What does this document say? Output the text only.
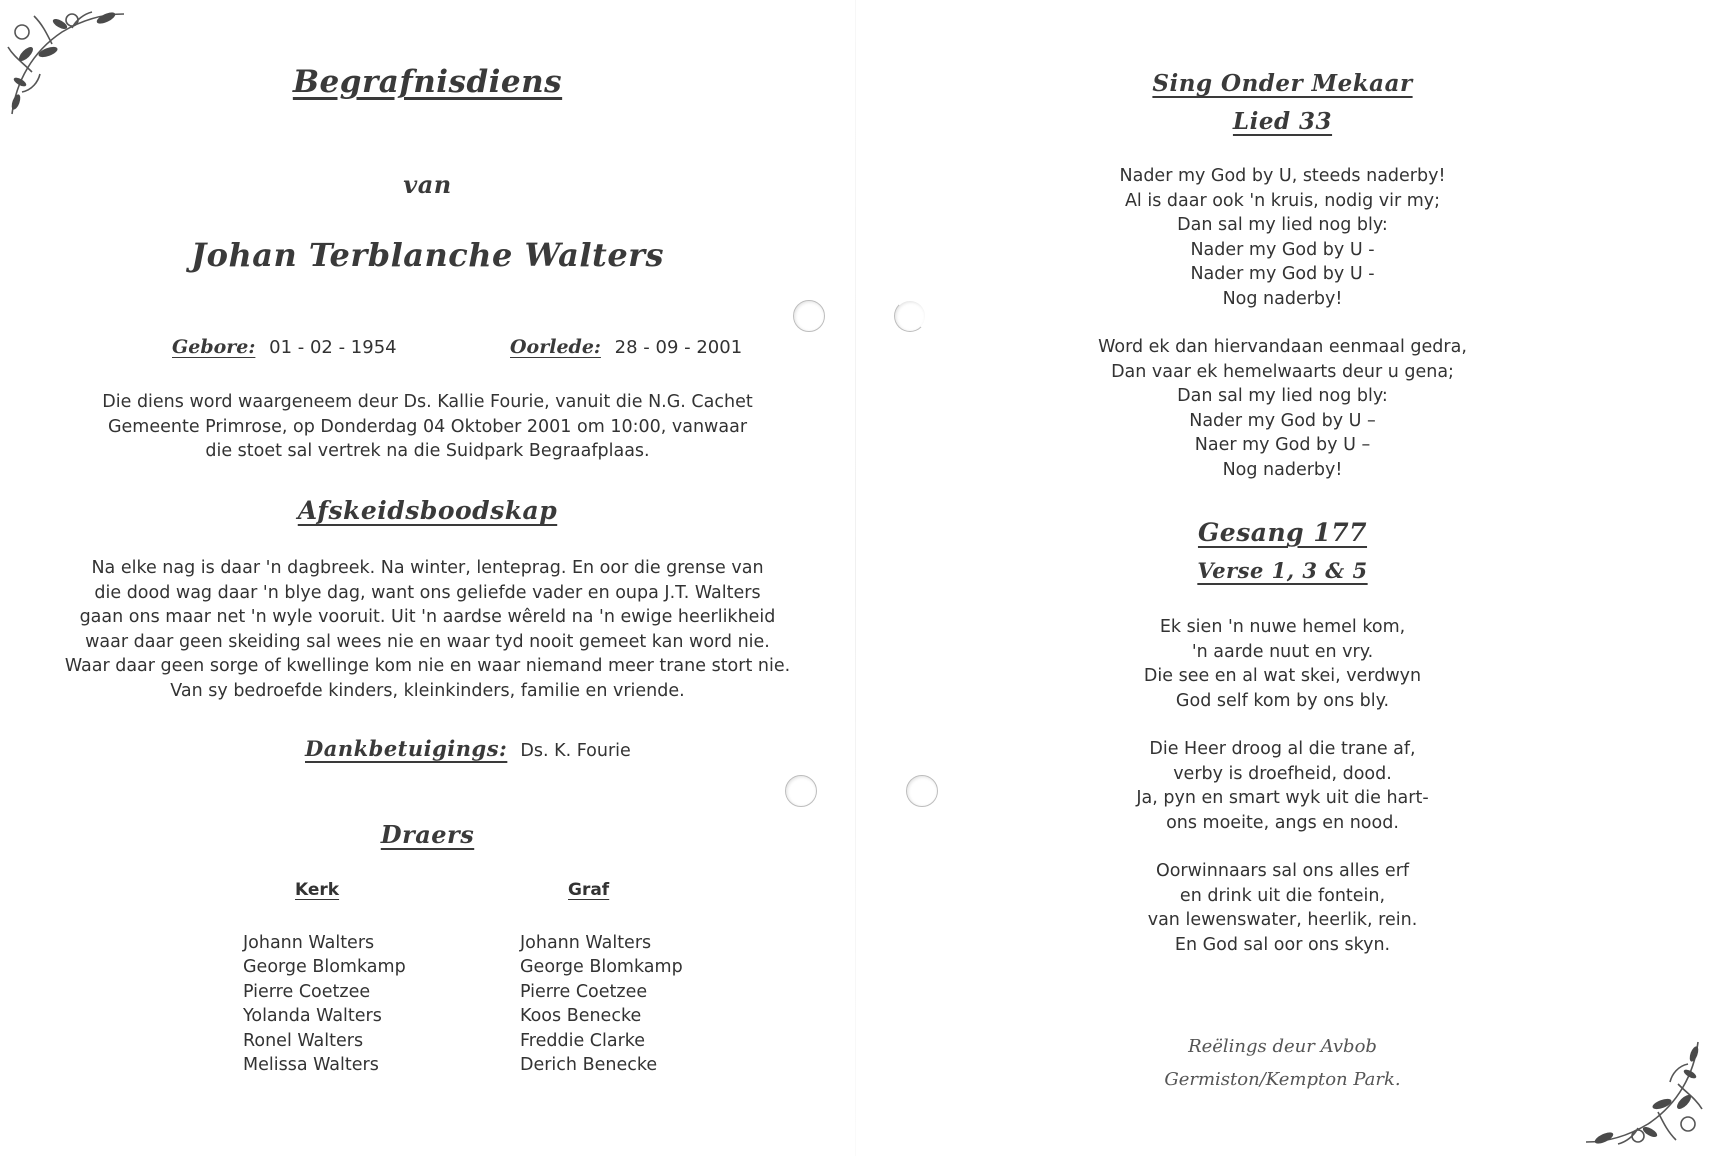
Begrafnisdiens
van
Johan Terblanche Walters
Gebore: 01 - 02 - 1954	Oorlede: 28 - 09 - 2001
Die diens word waargeneem deur Ds. Kallie Fourie, vanuit die N.G. Cachet
Gemeente Primrose, op Donderdag 04 Oktober 2001 om 10:00, vanwaar
die stoet sal vertrek na die Suidpark Begraafplaas.
Afskeidsboodskap
Na elke nag is daar 'n dagbreek. Na winter, lenteprag. En oor die grense van
die dood wag daar 'n blye dag, want ons geliefde vader en oupa J.T. Walters
gaan ons maar net 'n wyle vooruit. Uit 'n aardse wêreld na 'n ewige heerlikheid
waar daar geen skeiding sal wees nie en waar tyd nooit gemeet kan word nie.
Waar daar geen sorge of kwellinge kom nie en waar niemand meer trane stort nie.
Van sy bedroefde kinders, kleinkinders, familie en vriende.
Dankbetuigings: Ds. K. Fourie
Draers
Kerk
Johann Walters
George Blomkamp
Pierre Coetzee
Yolanda Walters
Ronel Walters
Melissa Walters
Graf
Johann Walters
George Blomkamp
Pierre Coetzee
Koos Benecke
Freddie Clarke
Derich Benecke
Sing Onder Mekaar
Lied 33
Nader my God by U, steeds naderby!
Al is daar ook 'n kruis, nodig vir my;
Dan sal my lied nog bly:
Nader my God by U -
Nader my God by U -
Nog naderby!
Word ek dan hiervandaan eenmaal gedra,
Dan vaar ek hemelwaarts deur u gena;
Dan sal my lied nog bly:
Nader my God by U –
Naer my God by U –
Nog naderby!
Gesang 177
Verse 1, 3 & 5
Ek sien 'n nuwe hemel kom,
'n aarde nuut en vry.
Die see en al wat skei, verdwyn
God self kom by ons bly.
Die Heer droog al die trane af,
verby is droefheid, dood.
Ja, pyn en smart wyk uit die hart-
ons moeite, angs en nood.
Oorwinnaars sal ons alles erf
en drink uit die fontein,
van lewenswater, heerlik, rein.
En God sal oor ons skyn.
Reëlings deur Avbob
Germiston/Kempton Park.
